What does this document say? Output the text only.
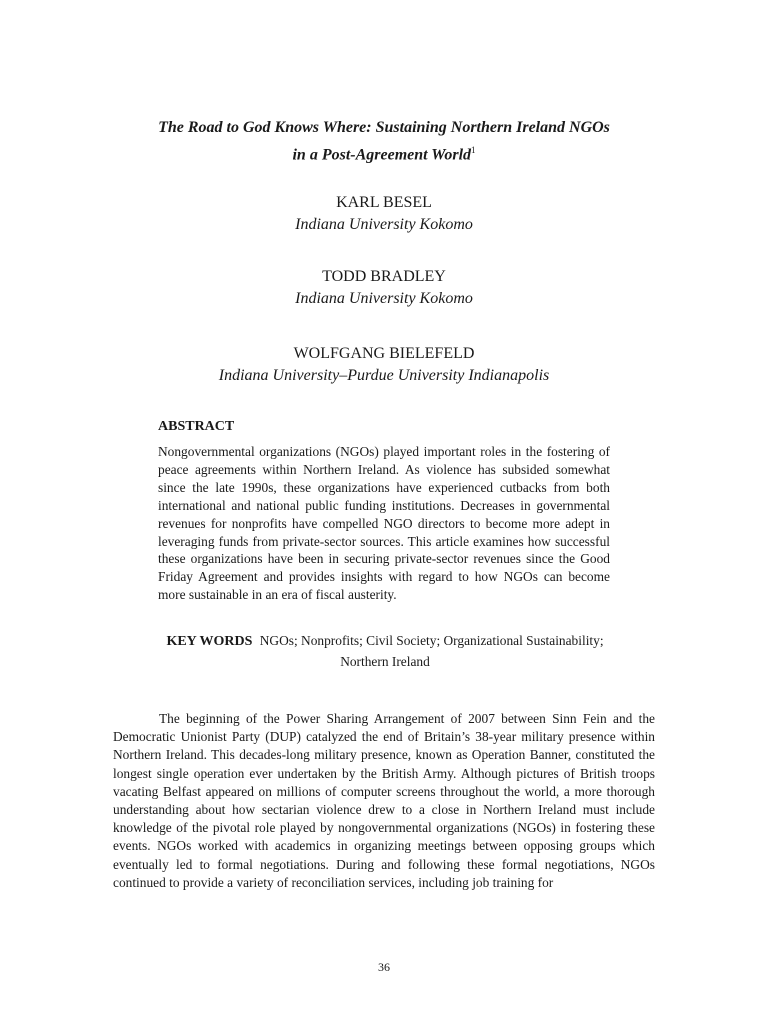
The Road to God Knows Where: Sustaining Northern Ireland NGOs
in a Post-Agreement World$^1$
KARL BESEL
Indiana University Kokomo
TODD BRADLEY
Indiana University Kokomo
WOLFGANG BIELEFELD
Indiana University–Purdue University Indianapolis

ABSTRACT

Nongovernmental organizations (NGOs) played important roles in the fostering of peace agreements within Northern Ireland. As violence has subsided somewhat since the late 1990s, these organizations have experienced cutbacks from both international and national public funding institutions. Decreases in governmental revenues for nonprofits have compelled NGO directors to become more adept in leveraging funds from private-sector sources. This article examines how successful these organizations have been in securing private-sector revenues since the Good Friday Agreement and provides insights with regard to how NGOs can become more sustainable in an era of fiscal austerity.

KEY WORDS NGOs; Nonprofits; Civil Society; Organizational Sustainability;
Northern Ireland

The beginning of the Power Sharing Arrangement of 2007 between Sinn Fein and the Democratic Unionist Party (DUP) catalyzed the end of Britain’s 38-year military presence within Northern Ireland. This decades-long military presence, known as Operation Banner, constituted the longest single operation ever undertaken by the British Army. Although pictures of British troops vacating Belfast appeared on millions of computer screens throughout the world, a more thorough understanding about how sectarian violence drew to a close in Northern Ireland must include knowledge of the pivotal role played by nongovernmental organizations (NGOs) in fostering these events. NGOs worked with academics in organizing meetings between opposing groups which eventually led to formal negotiations. During and following these formal negotiations, NGOs continued to provide a variety of reconciliation services, including job training for

36
